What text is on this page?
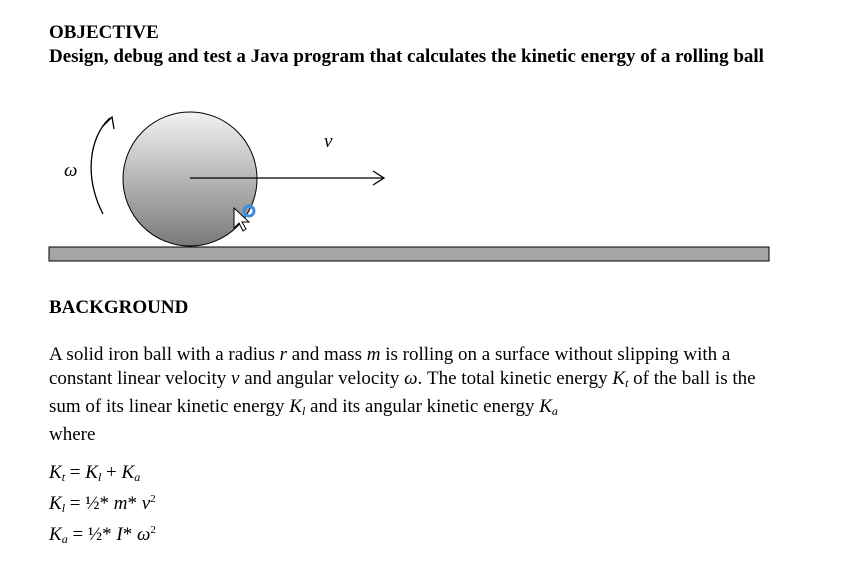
OBJECTIVE
Design, debug and test a Java program that calculates the kinetic energy of a rolling ball
ω
v
BACKGROUND
A solid iron ball with a radius r and mass m is rolling on a surface without slipping with a constant linear velocity v and angular velocity ω. The total kinetic energy $K_t$ of the ball is the sum of its linear kinetic energy $K_l$ and its angular kinetic energy $K_a$
where
$K_t = K_l + K_a$
$K_l$ = ½* m* $v^2$
$K_a$ = ½* I* $\omega^2$
